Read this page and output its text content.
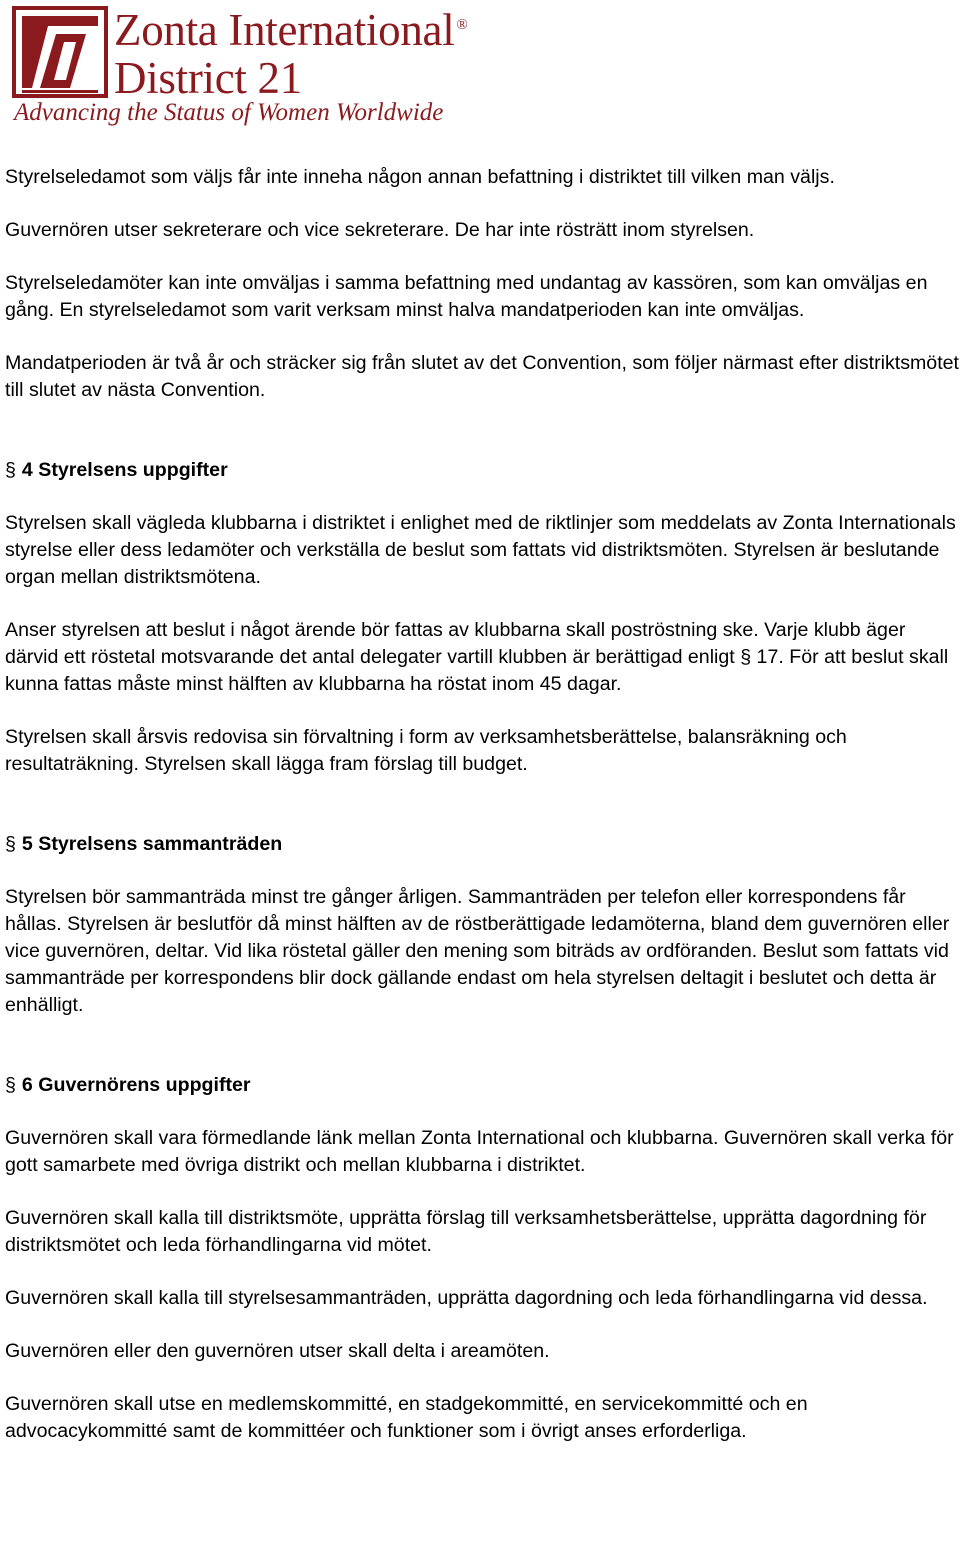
Zonta International ®
District 21
Advancing the Status of Women Worldwide

Styrelseledamot som väljs får inte inneha någon annan befattning i distriktet till vilken man väljs.

Guvernören utser sekreterare och vice sekreterare. De har inte rösträtt inom styrelsen.

Styrelseledamöter kan inte omväljas i samma befattning med undantag av kassören, som kan omväljas en gång. En styrelseledamot som varit verksam minst halva mandatperioden kan inte omväljas.

Mandatperioden är två år och sträcker sig från slutet av det Convention, som följer närmast efter distriktsmötet till slutet av nästa Convention.

§ 4 Styrelsens uppgifter

Styrelsen skall vägleda klubbarna i distriktet i enlighet med de riktlinjer som meddelats av Zonta Internationals styrelse eller dess ledamöter och verkställa de beslut som fattats vid distriktsmöten. Styrelsen är beslutande organ mellan distriktsmötena.

Anser styrelsen att beslut i något ärende bör fattas av klubbarna skall poströstning ske. Varje klubb äger därvid ett röstetal motsvarande det antal delegater vartill klubben är berättigad enligt § 17. För att beslut skall kunna fattas måste minst hälften av klubbarna ha röstat inom 45 dagar.

Styrelsen skall årsvis redovisa sin förvaltning i form av verksamhetsberättelse, balansräkning och resultaträkning. Styrelsen skall lägga fram förslag till budget.

§ 5 Styrelsens sammanträden

Styrelsen bör sammanträda minst tre gånger årligen. Sammanträden per telefon eller korrespondens får hållas. Styrelsen är beslutför då minst hälften av de röstberättigade ledamöterna, bland dem guvernören eller vice guvernören, deltar. Vid lika röstetal gäller den mening som biträds av ordföranden. Beslut som fattats vid sammanträde per korrespondens blir dock gällande endast om hela styrelsen deltagit i beslutet och detta är enhälligt.

§ 6 Guvernörens uppgifter

Guvernören skall vara förmedlande länk mellan Zonta International och klubbarna. Guvernören skall verka för gott samarbete med övriga distrikt och mellan klubbarna i distriktet.

Guvernören skall kalla till distriktsmöte, upprätta förslag till verksamhetsberättelse, upprätta dagordning för distriktsmötet och leda förhandlingarna vid mötet.

Guvernören skall kalla till styrelsesammanträden, upprätta dagordning och leda förhandlingarna vid dessa.

Guvernören eller den guvernören utser skall delta i areamöten.

Guvernören skall utse en medlemskommitté, en stadgekommitté, en servicekommitté och en advocacykommitté samt de kommittéer och funktioner som i övrigt anses erforderliga.
